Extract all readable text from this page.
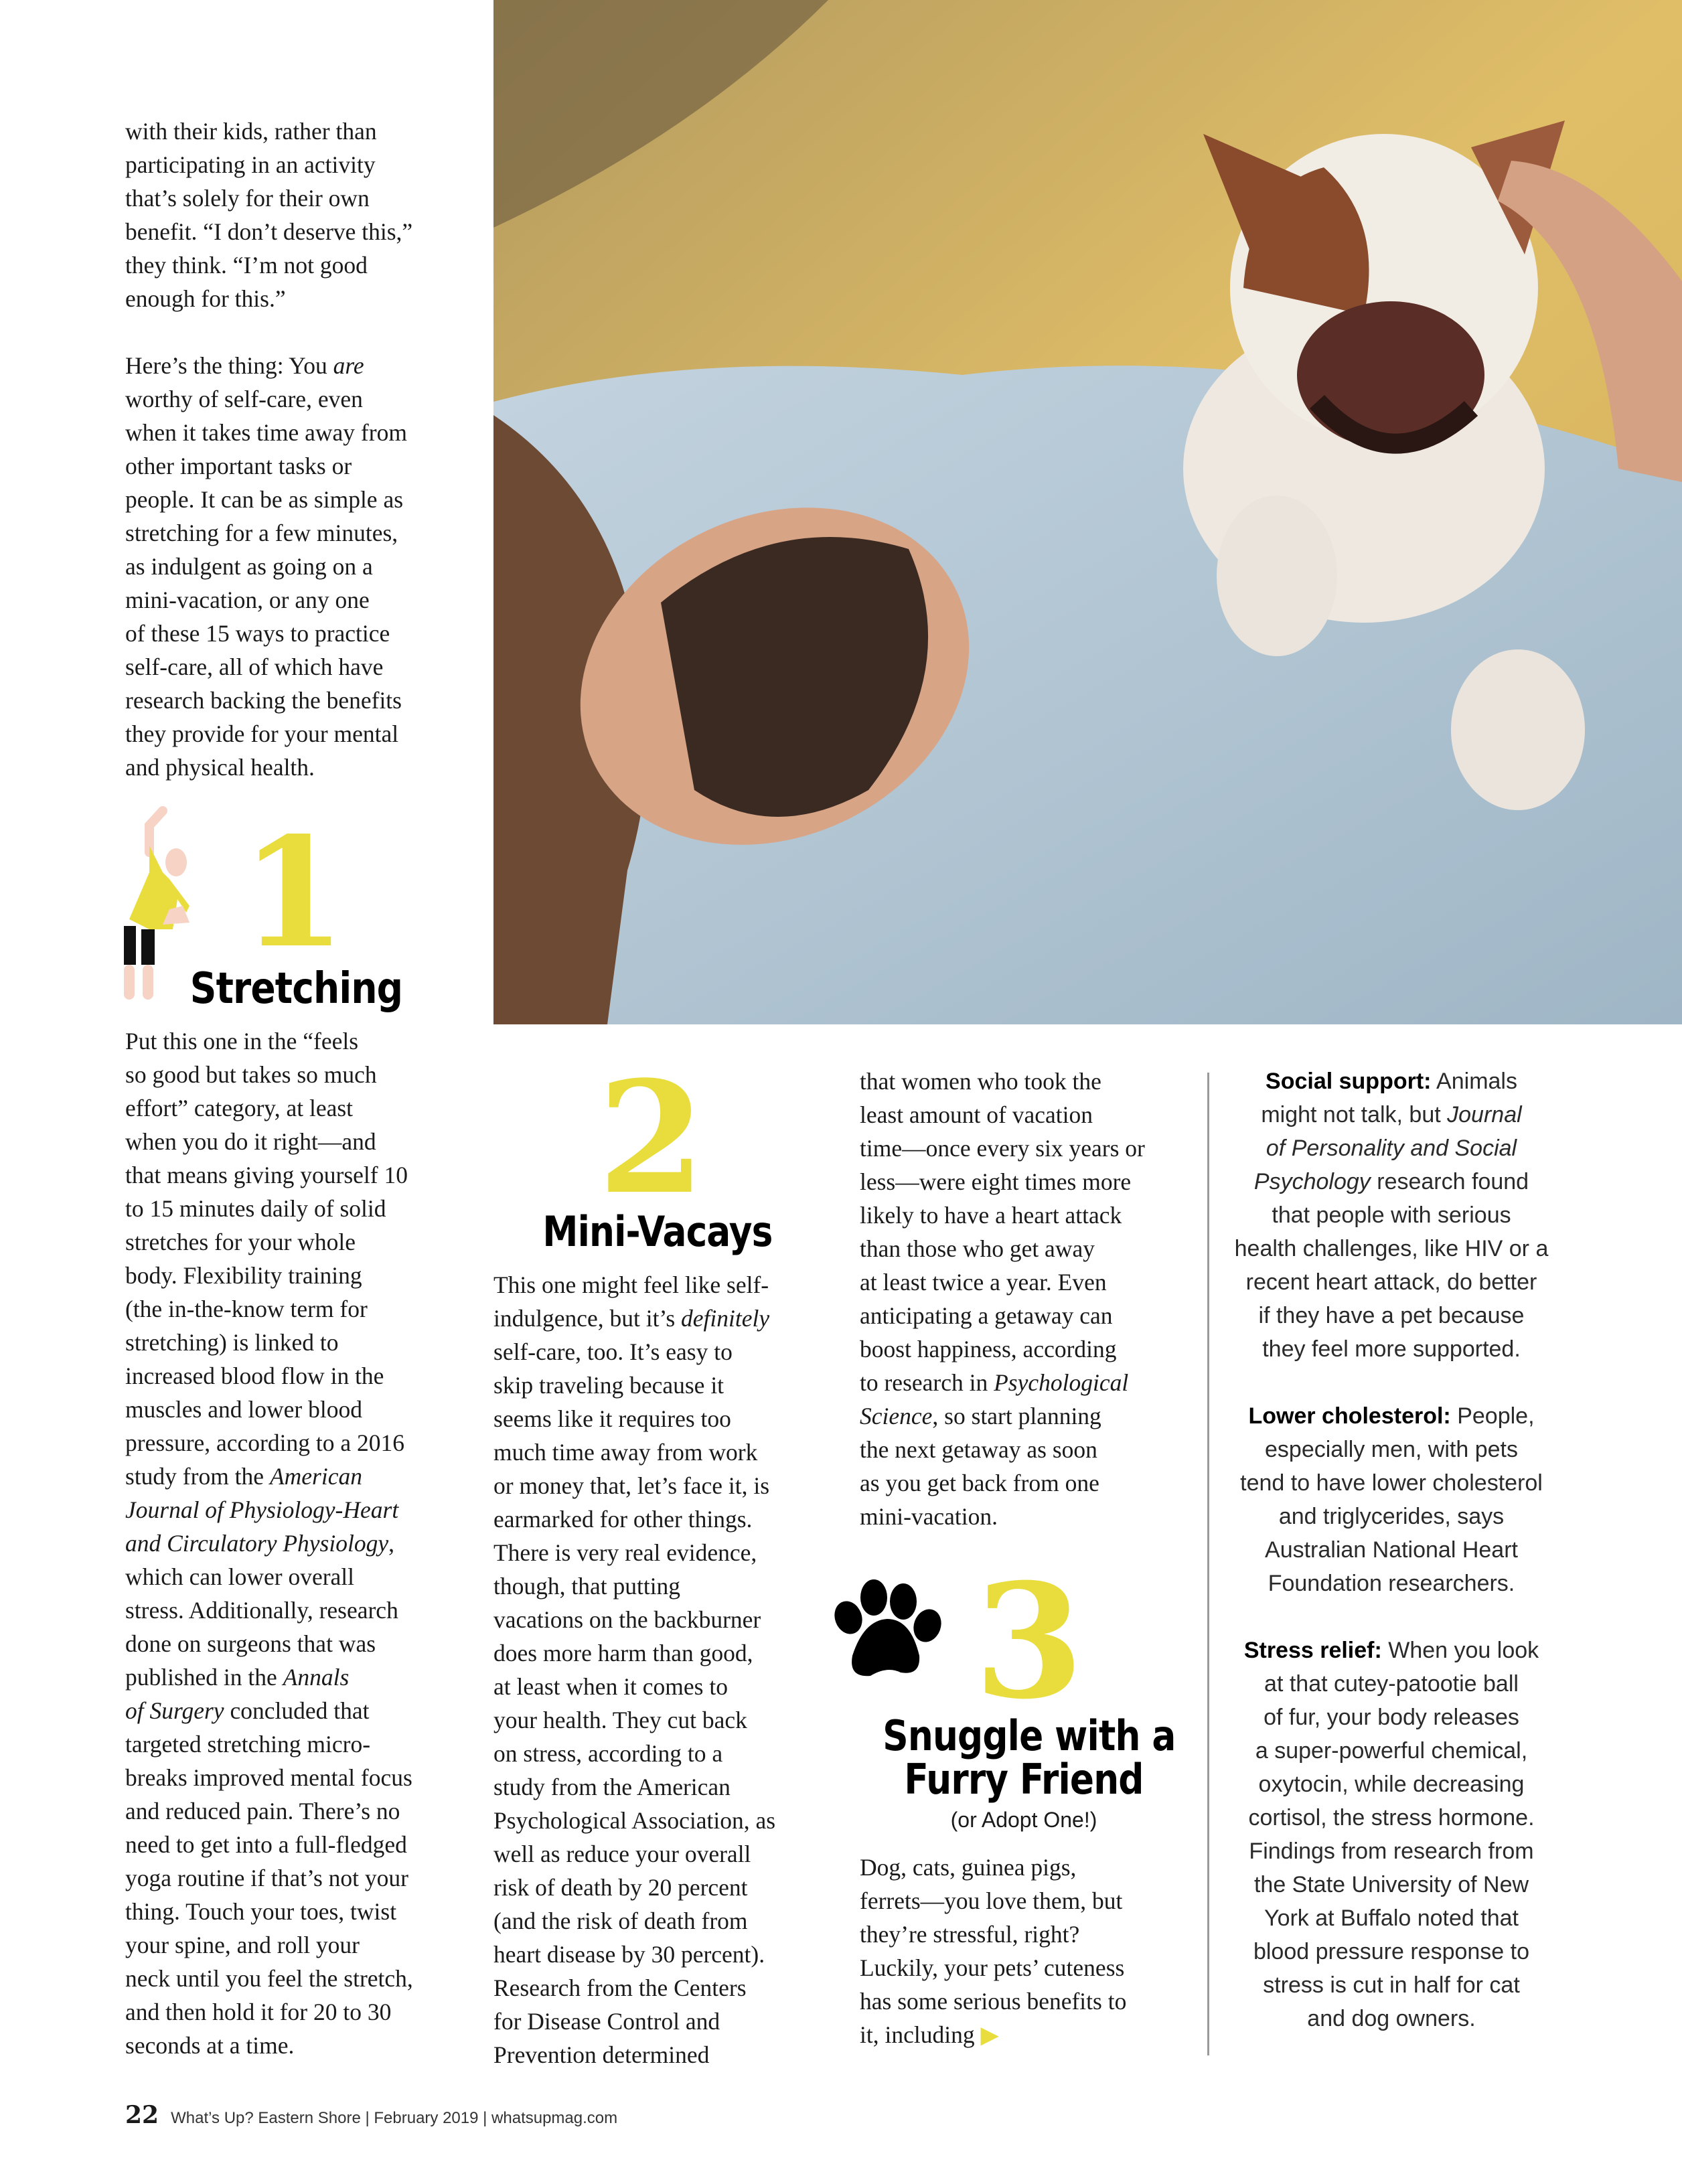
with their kids, rather than
participating in an activity
that’s solely for their own
benefit. “I don’t deserve this,”
they think. “I’m not good
enough for this.”
Here’s the thing: You are
worthy of self-care, even
when it takes time away from
other important tasks or
people. It can be as simple as
stretching for a few minutes,
as indulgent as going on a
mini-vacation, or any one
of these 15 ways to practice
self-care, all of which have
research backing the benefits
they provide for your mental
and physical health.
1
Stretching
Put this one in the “feels
so good but takes so much
effort” category, at least
when you do it right—and
that means giving yourself 10
to 15 minutes daily of solid
stretches for your whole
body. Flexibility training
(the in-the-know term for
stretching) is linked to
increased blood flow in the
muscles and lower blood
pressure, according to a 2016
study from the American
Journal of Physiology-Heart
and Circulatory Physiology,
which can lower overall
stress. Additionally, research
done on surgeons that was
published in the Annals
of Surgery concluded that
targeted stretching micro-
breaks improved mental focus
and reduced pain. There’s no
need to get into a full-fledged
yoga routine if that’s not your
thing. Touch your toes, twist
your spine, and roll your
neck until you feel the stretch,
and then hold it for 20 to 30
seconds at a time.
2
Mini-Vacays
This one might feel like self-
indulgence, but it’s definitely
self-care, too. It’s easy to
skip traveling because it
seems like it requires too
much time away from work
or money that, let’s face it, is
earmarked for other things.
There is very real evidence,
though, that putting
vacations on the backburner
does more harm than good,
at least when it comes to
your health. They cut back
on stress, according to a
study from the American
Psychological Association, as
well as reduce your overall
risk of death by 20 percent
(and the risk of death from
heart disease by 30 percent).
Research from the Centers
for Disease Control and
Prevention determined
that women who took the
least amount of vacation
time—once every six years or
less—were eight times more
likely to have a heart attack
than those who get away
at least twice a year. Even
anticipating a getaway can
boost happiness, according
to research in Psychological
Science, so start planning
the next getaway as soon
as you get back from one
mini-vacation.
3
Snuggle with a
Furry Friend
(or Adopt One!)
Dog, cats, guinea pigs,
ferrets—you love them, but
they’re stressful, right?
Luckily, your pets’ cuteness
has some serious benefits to
it, including ▶
Social support: Animals
might not talk, but Journal
of Personality and Social
Psychology research found
that people with serious
health challenges, like HIV or a
recent heart attack, do better
if they have a pet because
they feel more supported.
Lower cholesterol: People,
especially men, with pets
tend to have lower cholesterol
and triglycerides, says
Australian National Heart
Foundation researchers.
Stress relief: When you look
at that cutey-patootie ball
of fur, your body releases
a super-powerful chemical,
oxytocin, while decreasing
cortisol, the stress hormone.
Findings from research from
the State University of New
York at Buffalo noted that
blood pressure response to
stress is cut in half for cat
and dog owners.
22 What’s Up? Eastern Shore | February 2019 | whatsupmag.com
